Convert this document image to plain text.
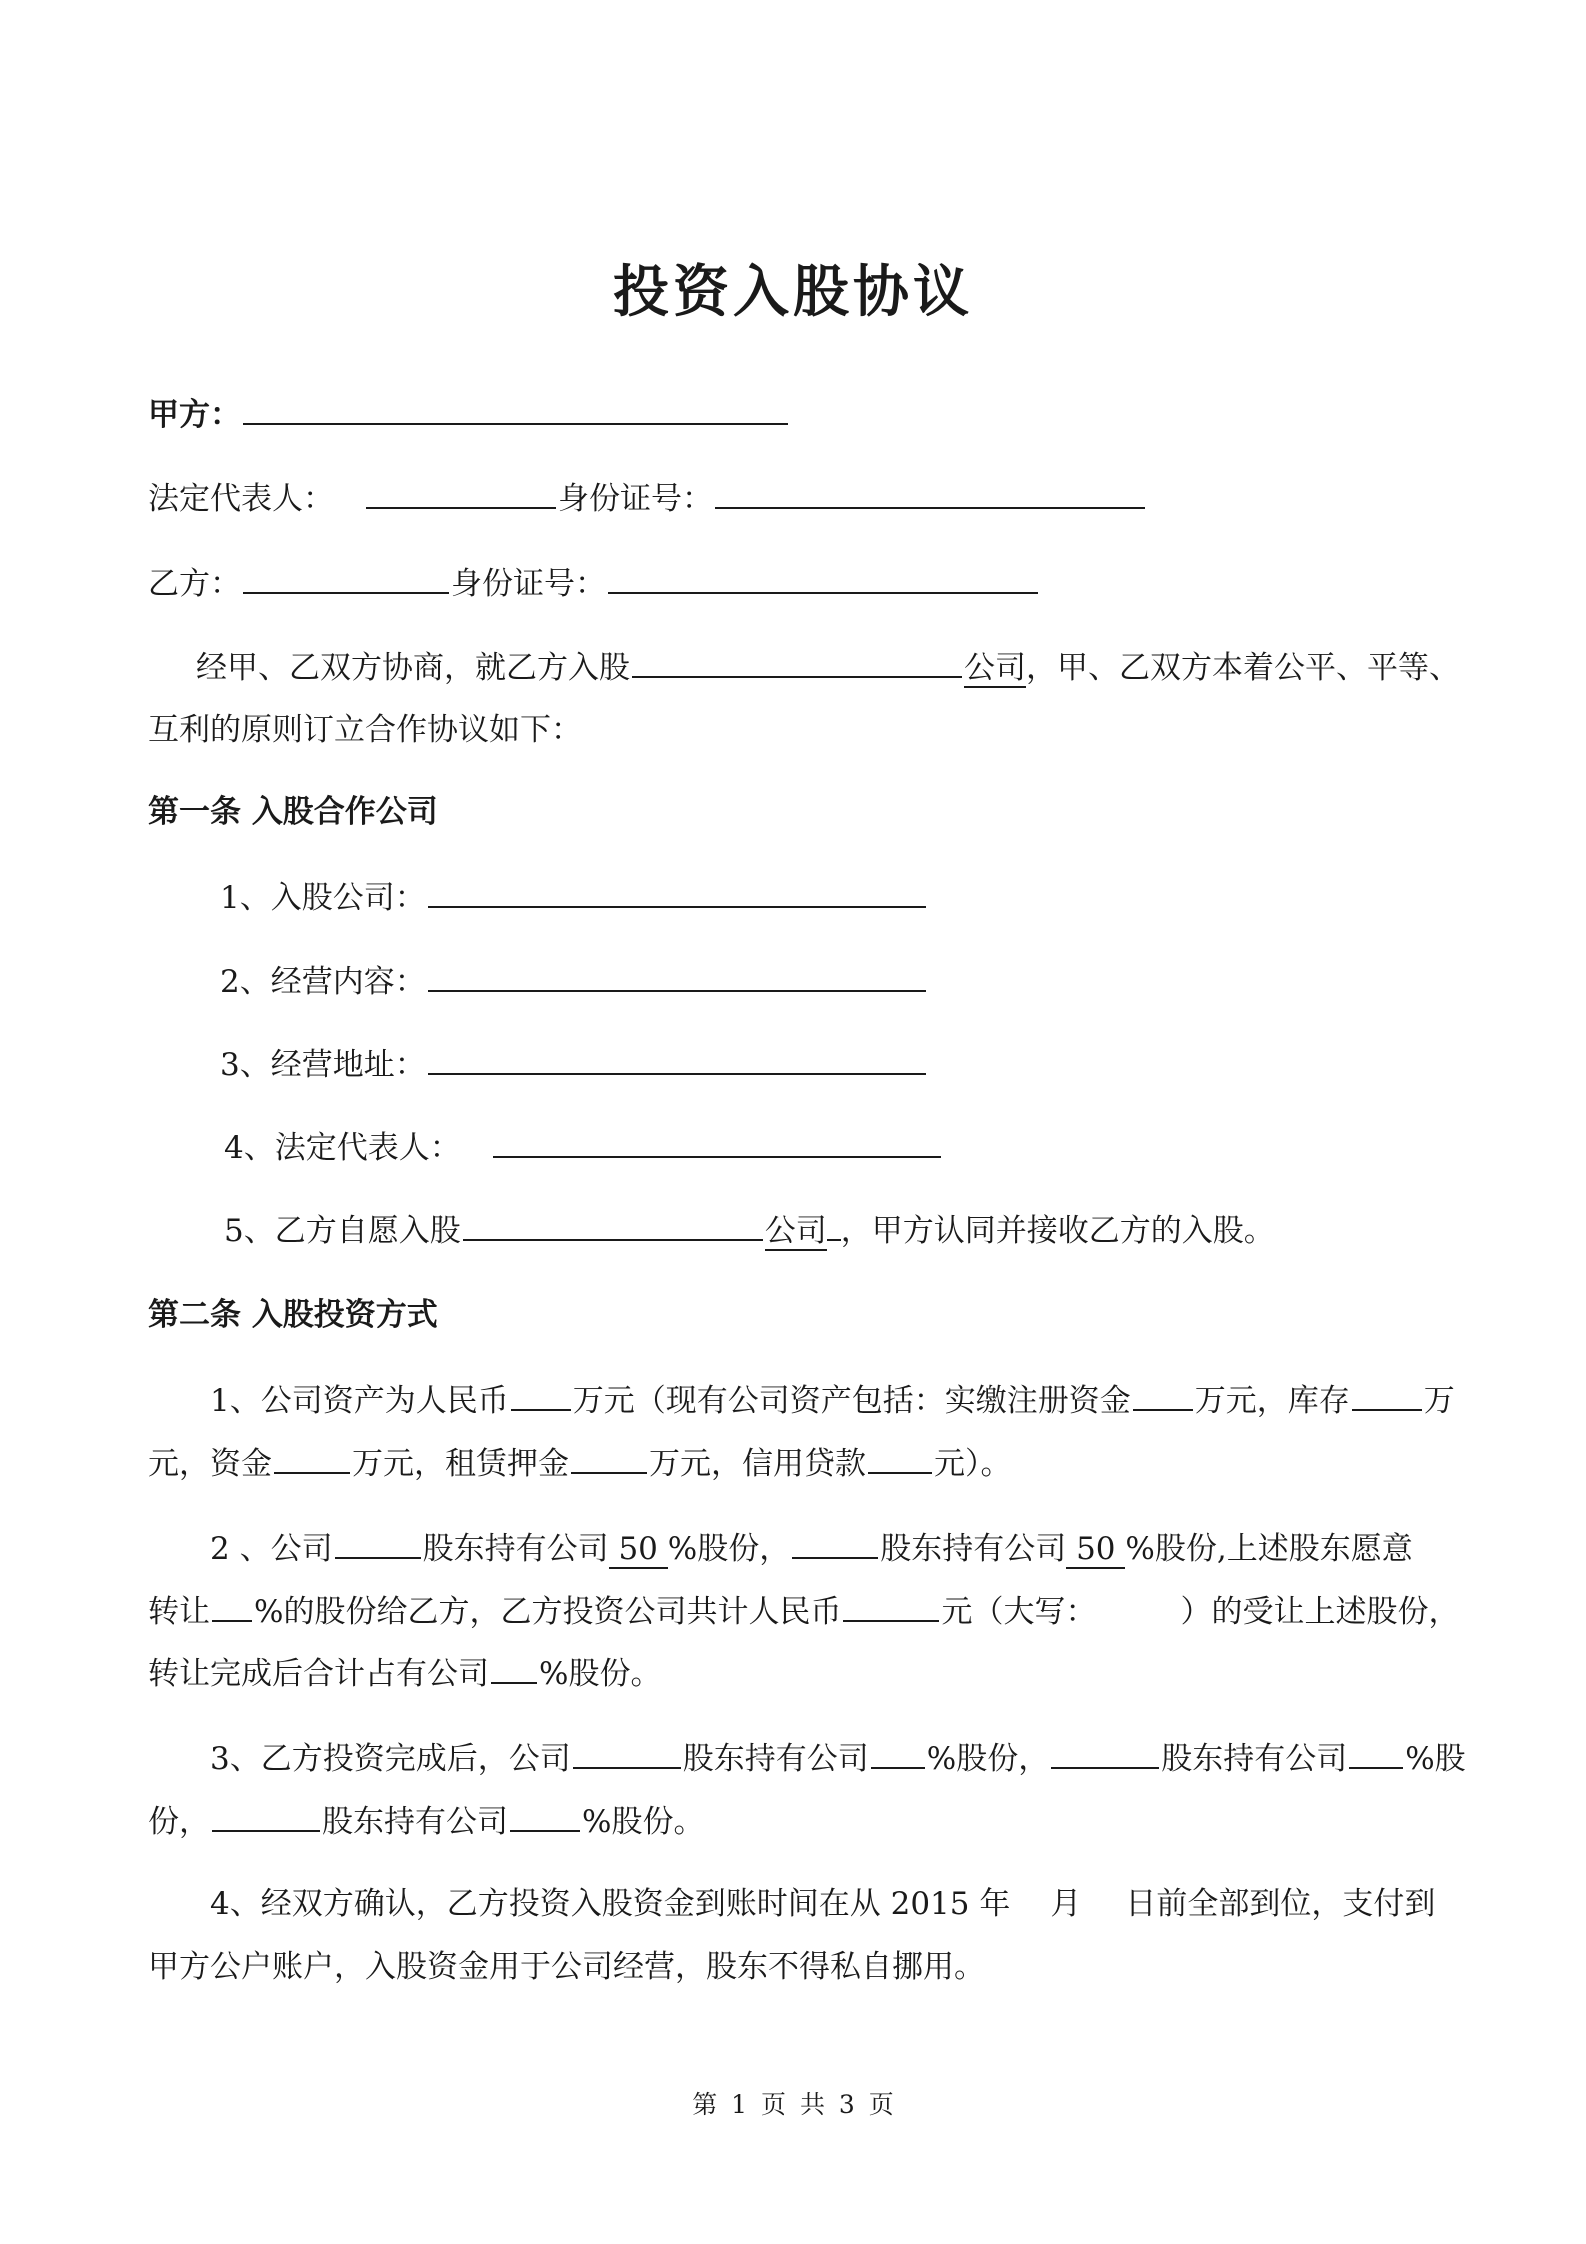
投资入股协议
甲方：
法定代表人：	身份证号：
乙方：	身份证号：
经甲、乙双方协商，就乙方入股	公司，甲、乙双方本着公平、平等、
互利的原则订立合作协议如下：
第一条 入股合作公司
1、入股公司：
2、经营内容：
3、经营地址：
4、法定代表人：
5、乙方自愿入股	公司 ，甲方认同并接收乙方的入股。
第二条 入股投资方式
1、公司资产为人民币 万元（现有公司资产包括：实缴注册资金 万元，库存 万
元，资金	万元，租赁押金	万元，信用贷款 元）。
2 、公司	股东持有公司 50 %股份，	股东持有公司 50 %股份,上述股东愿意
转让 %的股份给乙方，乙方投资公司共计人民币	元（大写：	）的受让上述股份，
转让完成后合计占有公司 %股份。
3、乙方投资完成后，公司	股东持有公司 %股份，	股东持有公司 %股
份，	股东持有公司 %股份。
4、经双方确认，乙方投资入股资金到账时间在从 2015 年 月 日前全部到位，支付到
甲方公户账户，入股资金用于公司经营，股东不得私自挪用。
第 1 页 共 3 页
